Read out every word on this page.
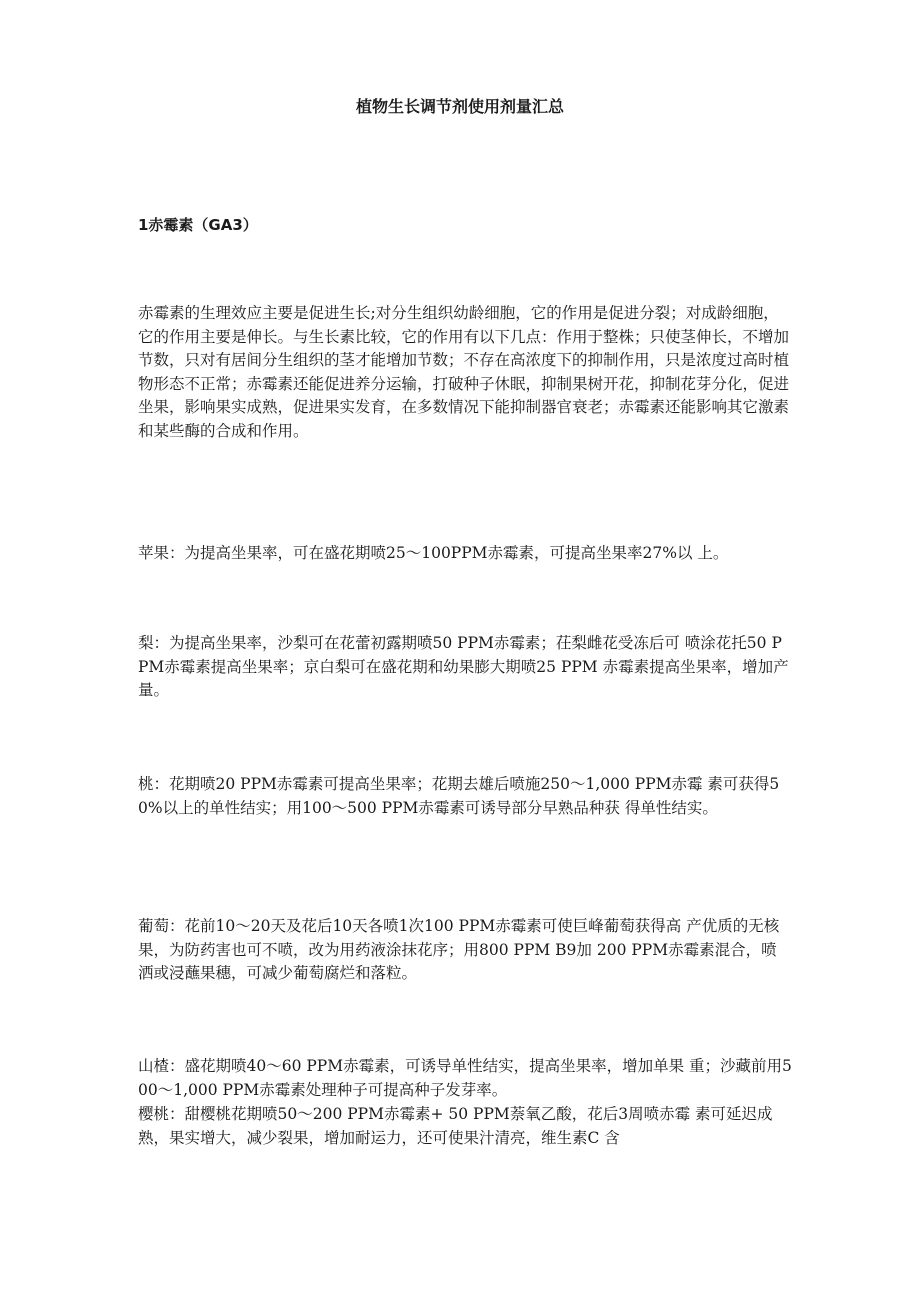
植物生长调节剂使用剂量汇总
1赤霉素（GA3）

赤霉素的生理效应主要是促进生长;对分生组织幼龄细胞，它的作用是促进分裂；对成龄细胞，它的作用主要是伸长。与生长素比较，它的作用有以下几点：作用于整株；只使茎伸长，不增加节数，只对有居间分生组织的茎才能增加节数；不存在高浓度下的抑制作用，只是浓度过高时植物形态不正常；赤霉素还能促进养分运输，打破种子休眠，抑制果树开花，抑制花芽分化，促进坐果，影响果实成熟，促进果实发育，在多数情况下能抑制器官衰老；赤霉素还能影响其它激素和某些酶的合成和作用。

苹果：为提高坐果率，可在盛花期喷25〜100PPM赤霉素，可提高坐果率27%以 上。

梨：为提高坐果率，沙梨可在花蕾初露期喷50 PPM赤霉素；茌梨雌花受冻后可 喷涂花托50 PPM赤霉素提高坐果率；京白梨可在盛花期和幼果膨大期喷25 PPM 赤霉素提高坐果率，增加产量。

桃：花期喷20 PPM赤霉素可提高坐果率；花期去雄后喷施250〜1,000 PPM赤霉 素可获得50%以上的单性结实；用100〜500 PPM赤霉素可诱导部分早熟品种获 得单性结实。

葡萄：花前10〜20天及花后10天各喷1次100 PPM赤霉素可使巨峰葡萄获得高 产优质的无核果，为防药害也可不喷，改为用药液涂抹花序；用800 PPM B9加 200 PPM赤霉素混合，喷洒或浸蘸果穗，可减少葡萄腐烂和落粒。

山楂：盛花期喷40〜60 PPM赤霉素，可诱导单性结实，提高坐果率，增加单果 重；沙藏前用500〜1,000 PPM赤霉素处理种子可提高种子发芽率。

樱桃：甜樱桃花期喷50〜200 PPM赤霉素+ 50 PPM萘氧乙酸，花后3周喷赤霉 素可延迟成熟，果实增大，减少裂果，增加耐运力，还可使果汁清亮，维生素C 含
